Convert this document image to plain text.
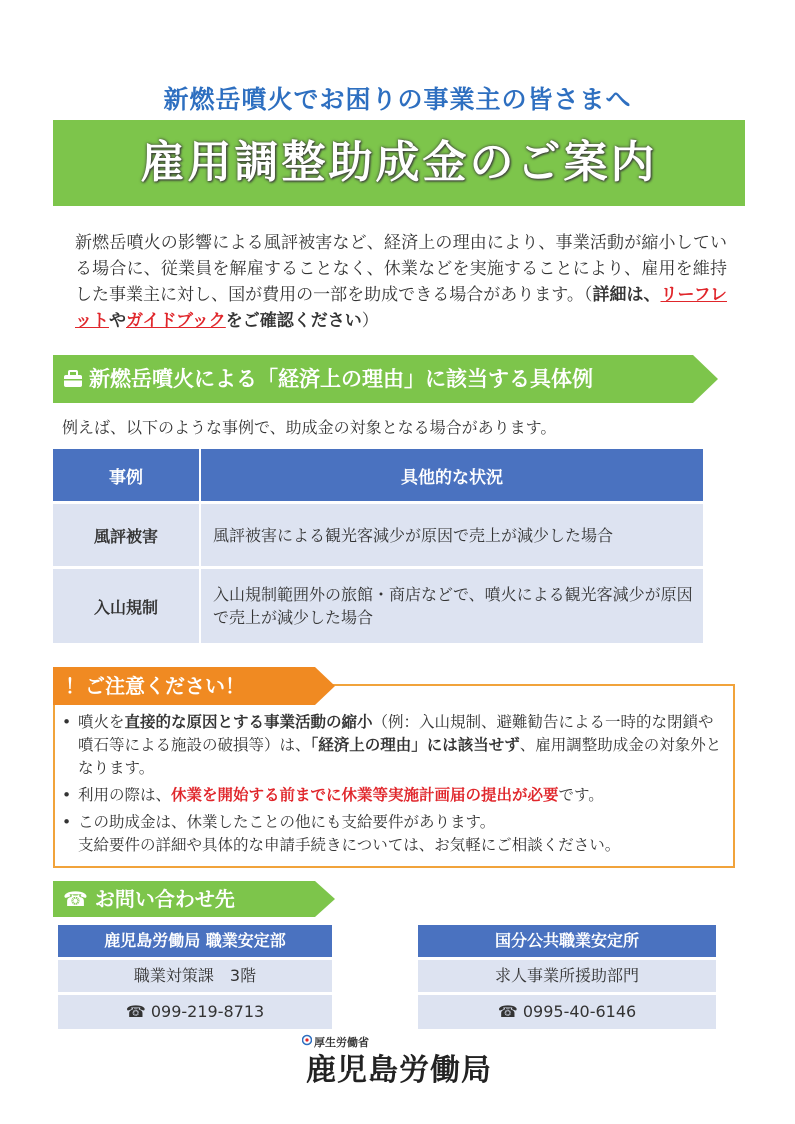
新燃岳噴火でお困りの事業主の皆さまへ
雇用調整助成金のご案内
新燃岳噴火の影響による風評被害など、経済上の理由により、事業活動が縮小している場合に、従業員を解雇することなく、休業などを実施することにより、雇用を維持した事業主に対し、国が費用の一部を助成できる場合があります。（詳細は、リーフレットやガイドブックをご確認ください）
新燃岳噴火による「経済上の理由」に該当する具体例
例えば、以下のような事例で、助成金の対象となる場合があります。
事例	具他的な状況
風評被害	風評被害による観光客減少が原因で売上が減少した場合
入山規制	入山規制範囲外の旅館・商店などで、噴火による観光客減少が原因で売上が減少した場合
！ご注意ください！
• 噴火を直接的な原因とする事業活動の縮小（例：入山規制、避難勧告による一時的な閉鎖や噴石等による施設の破損等）は、「経済上の理由」には該当せず、雇用調整助成金の対象外となります。
• 利用の際は、休業を開始する前までに休業等実施計画届の提出が必要です。
• この助成金は、休業したことの他にも支給要件があります。
支給要件の詳細や具体的な申請手続きについては、お気軽にご相談ください。
☎ お問い合わせ先
鹿児島労働局 職業安定部
職業対策課　3階
☎ 099-219-8713
国分公共職業安定所
求人事業所援助部門
☎ 0995-40-6146
厚生労働省
鹿児島労働局
